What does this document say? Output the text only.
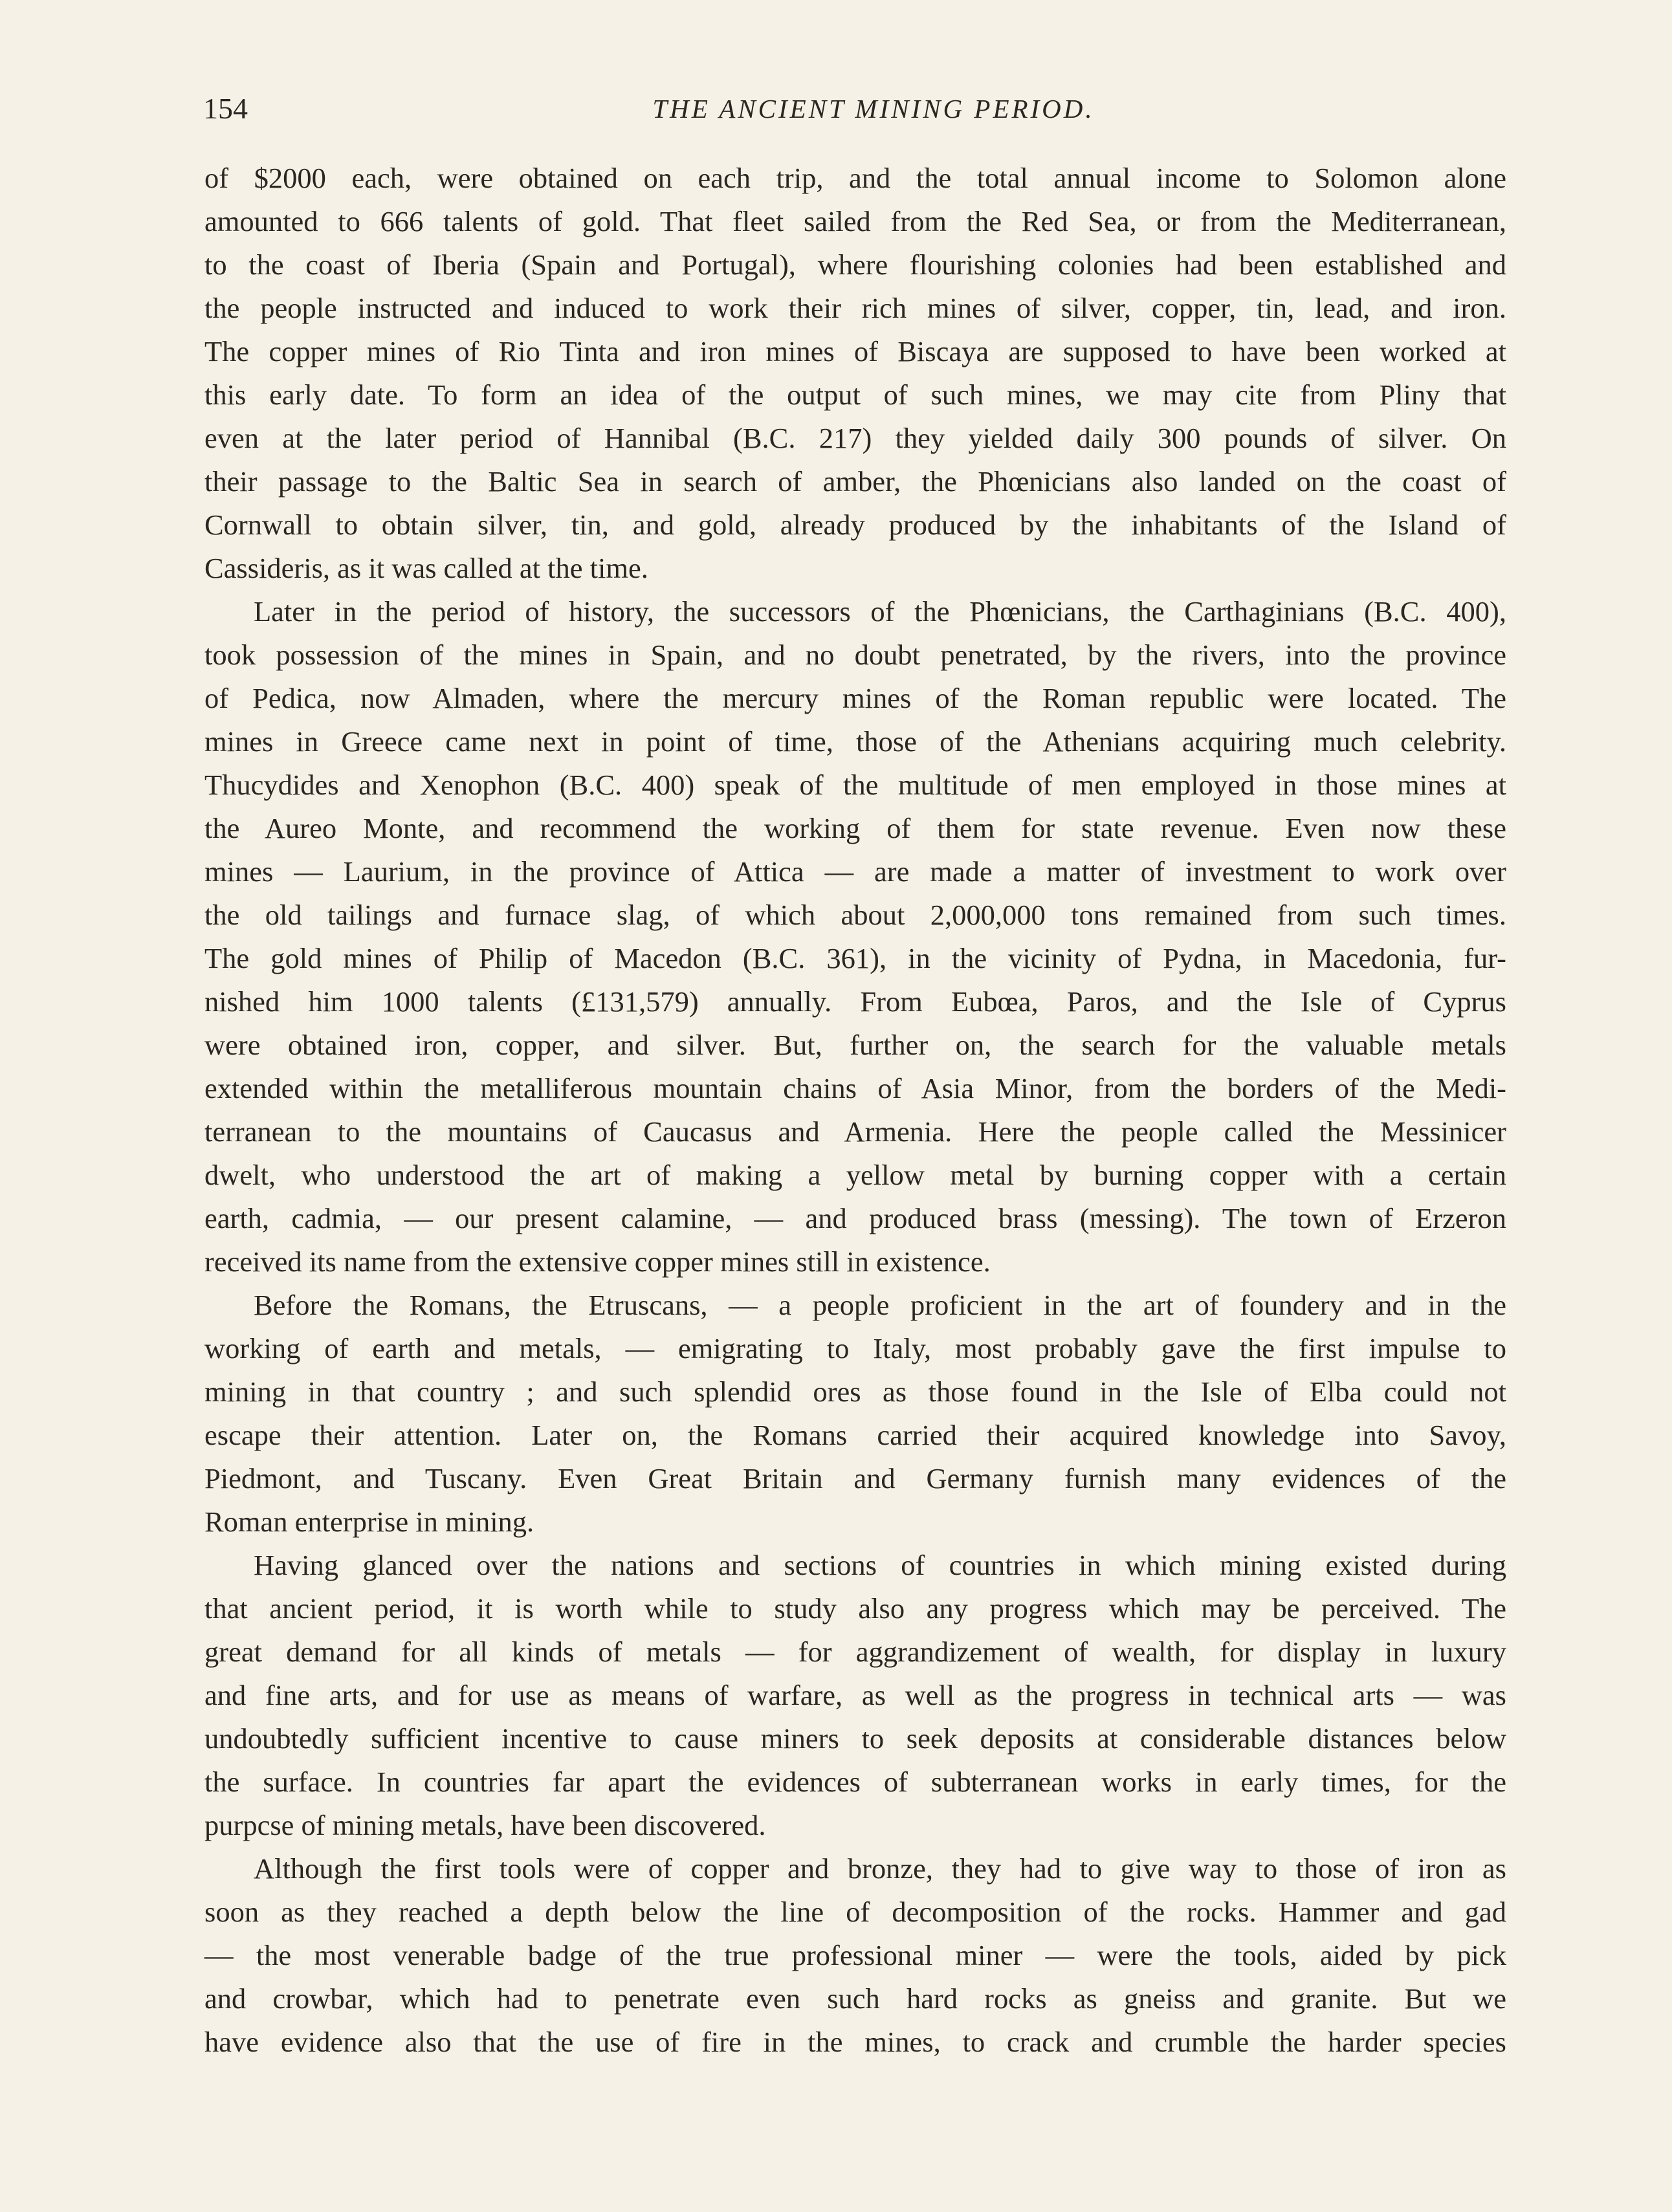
154	THE ANCIENT MINING PERIOD.
of $2000 each, were obtained on each trip, and the total annual income to Solomon alone
amounted to 666 talents of gold. That fleet sailed from the Red Sea, or from the Mediterranean,
to the coast of Iberia (Spain and Portugal), where flourishing colonies had been established and
the people instructed and induced to work their rich mines of silver, copper, tin, lead, and iron.
The copper mines of Rio Tinta and iron mines of Biscaya are supposed to have been worked at
this early date. To form an idea of the output of such mines, we may cite from Pliny that
even at the later period of Hannibal (B.C. 217) they yielded daily 300 pounds of silver. On
their passage to the Baltic Sea in search of amber, the Phœnicians also landed on the coast of
Cornwall to obtain silver, tin, and gold, already produced by the inhabitants of the Island of
Cassideris, as it was called at the time.
Later in the period of history, the successors of the Phœnicians, the Carthaginians (B.C. 400),
took possession of the mines in Spain, and no doubt penetrated, by the rivers, into the province
of Pedica, now Almaden, where the mercury mines of the Roman republic were located. The
mines in Greece came next in point of time, those of the Athenians acquiring much celebrity.
Thucydides and Xenophon (B.C. 400) speak of the multitude of men employed in those mines at
the Aureo Monte, and recommend the working of them for state revenue. Even now these
mines — Laurium, in the province of Attica — are made a matter of investment to work over
the old tailings and furnace slag, of which about 2,000,000 tons remained from such times.
The gold mines of Philip of Macedon (B.C. 361), in the vicinity of Pydna, in Macedonia, fur-
nished him 1000 talents (£131,579) annually. From Eubœa, Paros, and the Isle of Cyprus
were obtained iron, copper, and silver. But, further on, the search for the valuable metals
extended within the metalliferous mountain chains of Asia Minor, from the borders of the Medi-
terranean to the mountains of Caucasus and Armenia. Here the people called the Messinicer
dwelt, who understood the art of making a yellow metal by burning copper with a certain
earth, cadmia, — our present calamine, — and produced brass (messing). The town of Erzeron
received its name from the extensive copper mines still in existence.
Before the Romans, the Etruscans, — a people proficient in the art of foundery and in the
working of earth and metals, — emigrating to Italy, most probably gave the first impulse to
mining in that country ; and such splendid ores as those found in the Isle of Elba could not
escape their attention. Later on, the Romans carried their acquired knowledge into Savoy,
Piedmont, and Tuscany. Even Great Britain and Germany furnish many evidences of the
Roman enterprise in mining.
Having glanced over the nations and sections of countries in which mining existed during
that ancient period, it is worth while to study also any progress which may be perceived. The
great demand for all kinds of metals — for aggrandizement of wealth, for display in luxury
and fine arts, and for use as means of warfare, as well as the progress in technical arts — was
undoubtedly sufficient incentive to cause miners to seek deposits at considerable distances below
the surface. In countries far apart the evidences of subterranean works in early times, for the
purpcse of mining metals, have been discovered.
Although the first tools were of copper and bronze, they had to give way to those of iron as
soon as they reached a depth below the line of decomposition of the rocks. Hammer and gad
— the most venerable badge of the true professional miner — were the tools, aided by pick
and crowbar, which had to penetrate even such hard rocks as gneiss and granite. But we
have evidence also that the use of fire in the mines, to crack and crumble the harder species
